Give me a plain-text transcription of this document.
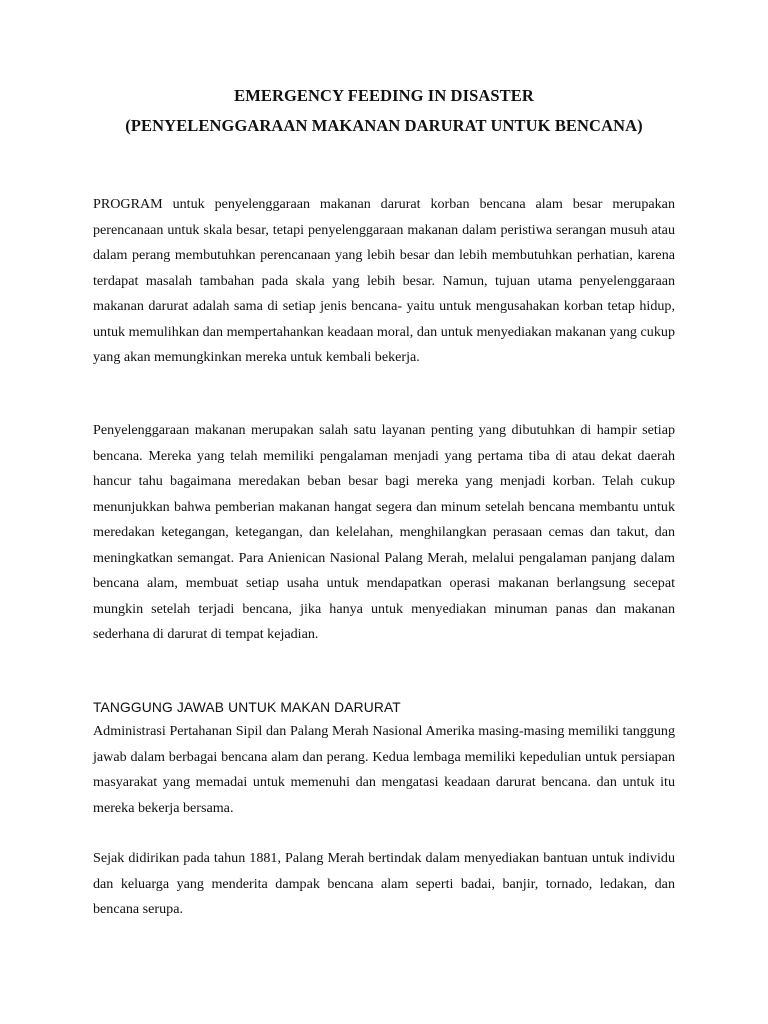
EMERGENCY FEEDING IN DISASTER
(PENYELENGGARAAN MAKANAN DARURAT UNTUK BENCANA)

PROGRAM untuk penyelenggaraan makanan darurat korban bencana alam besar merupakan perencanaan untuk skala besar, tetapi penyelenggaraan makanan dalam peristiwa serangan musuh atau dalam perang membutuhkan perencanaan yang lebih besar dan lebih membutuhkan perhatian, karena terdapat masalah tambahan pada skala yang lebih besar. Namun, tujuan utama penyelenggaraan makanan darurat adalah sama di setiap jenis bencana- yaitu untuk mengusahakan korban tetap hidup, untuk memulihkan dan mempertahankan keadaan moral, dan untuk menyediakan makanan yang cukup yang akan memungkinkan mereka untuk kembali bekerja.

Penyelenggaraan makanan merupakan salah satu layanan penting yang dibutuhkan di hampir setiap bencana. Mereka yang telah memiliki pengalaman menjadi yang pertama tiba di atau dekat daerah hancur tahu bagaimana meredakan beban besar bagi mereka yang menjadi korban. Telah cukup menunjukkan bahwa pemberian makanan hangat segera dan minum setelah bencana membantu untuk meredakan ketegangan, ketegangan, dan kelelahan, menghilangkan perasaan cemas dan takut, dan meningkatkan semangat. Para Anienican Nasional Palang Merah, melalui pengalaman panjang dalam bencana alam, membuat setiap usaha untuk mendapatkan operasi makanan berlangsung secepat mungkin setelah terjadi bencana, jika hanya untuk menyediakan minuman panas dan makanan sederhana di darurat di tempat kejadian.

TANGGUNG JAWAB UNTUK MAKAN DARURAT

Administrasi Pertahanan Sipil dan Palang Merah Nasional Amerika masing-masing memiliki tanggung jawab dalam berbagai bencana alam dan perang. Kedua lembaga memiliki kepedulian untuk persiapan masyarakat yang memadai untuk memenuhi dan mengatasi keadaan darurat bencana. dan untuk itu mereka bekerja bersama.

Sejak didirikan pada tahun 1881, Palang Merah bertindak dalam menyediakan bantuan untuk individu dan keluarga yang menderita dampak bencana alam seperti badai, banjir, tornado, ledakan, dan bencana serupa.
